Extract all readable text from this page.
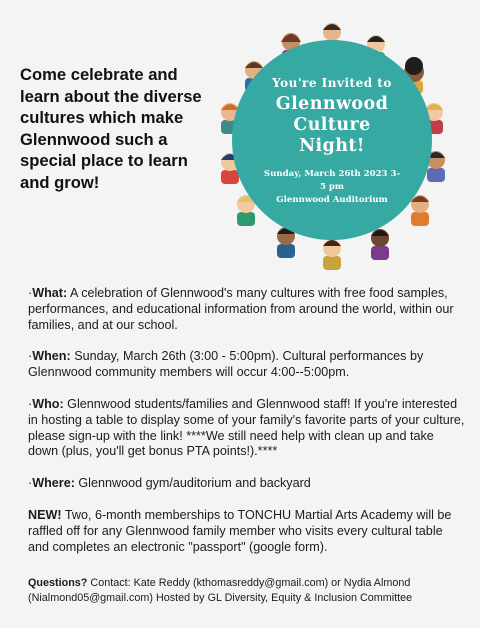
Come celebrate and learn about the diverse cultures which make Glennwood such a special place to learn and grow!
You're Invited to
Glennwood
Culture Night!
Sunday, March 26th 2023 3-5 pm
Glennwood Auditorium

·What: A celebration of Glennwood's many cultures with free food samples, performances, and educational information from around the world, within our families, and at our school.

·When: Sunday, March 26th (3:00 - 5:00pm). Cultural performances by Glennwood community members will occur 4:00--5:00pm.

·Who: Glennwood students/families and Glennwood staff! If you're interested in hosting a table to display some of your family's favorite parts of your culture, please sign-up with the link! ****We still need help with clean up and take down (plus, you'll get bonus PTA points!).****

·Where: Glennwood gym/auditorium and backyard

NEW! Two, 6-month memberships to TONCHU Martial Arts Academy will be raffled off for any Glennwood family member who visits every cultural table and completes an electronic "passport" (google form).

Questions? Contact: Kate Reddy (kthomasreddy@gmail.com) or Nydia Almond (Nialmond05@gmail.com) Hosted by GL Diversity, Equity & Inclusion Committee
